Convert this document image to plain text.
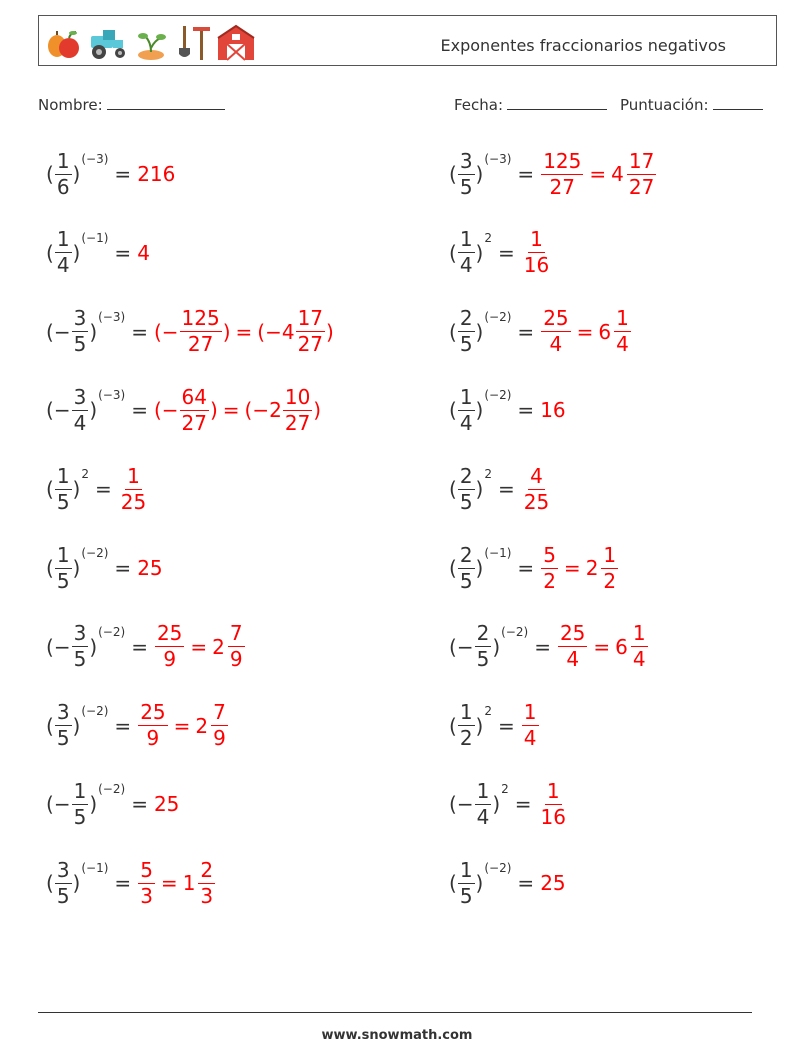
Exponentes fraccionarios negativos
Nombre:	Fecha:	Puntuación:
( $\frac{1}{6}$ )
(−3)
= 216	( $\frac{3}{5}$ )
(−3)
= $\frac{125}{27} = 4 \frac{17}{27}$
( $\frac{1}{4}$ )
(−1)
= 4	( $\frac{1}{4}$ )
2
= $\frac{1}{16}$
( − $\frac{3}{5}$ )
(−3)
= (− $\frac{125}{27}$ ) = ($-4 \frac{17}{27}$ )	( $\frac{2}{5}$ )
(−2)
= $\frac{25}{4} = 6 \frac{1}{4}$
( − $\frac{3}{4}$ )
(−3)
= (− $\frac{64}{27}$ ) = ($-2 \frac{10}{27}$ )	( $\frac{1}{4}$ )
(−2)
= 16
( $\frac{1}{5}$ )
2
= $\frac{1}{25}$	( $\frac{2}{5}$ )
2
= $\frac{4}{25}$
( $\frac{1}{5}$ )
(−2)
= 25	( $\frac{2}{5}$ )
(−1)
= $\frac{5}{2} = 2 \frac{1}{2}$
( − $\frac{3}{5}$ )
(−2)
= $\frac{25}{9} = 2 \frac{7}{9}$	( − $\frac{2}{5}$ )
(−2)
= $\frac{25}{4} = 6 \frac{1}{4}$
( $\frac{3}{5}$ )
(−2)
= $\frac{25}{9} = 2 \frac{7}{9}$	( $\frac{1}{2}$ )
2
= $\frac{1}{4}$
( − $\frac{1}{5}$ )
(−2)
= 25	( − $\frac{1}{4}$ )
2
= $\frac{1}{16}$
( $\frac{3}{5}$ )
(−1)
= $\frac{5}{3} = 1 \frac{2}{3}$	( $\frac{1}{5}$ )
(−2)
= 25
www.snowmath.com
